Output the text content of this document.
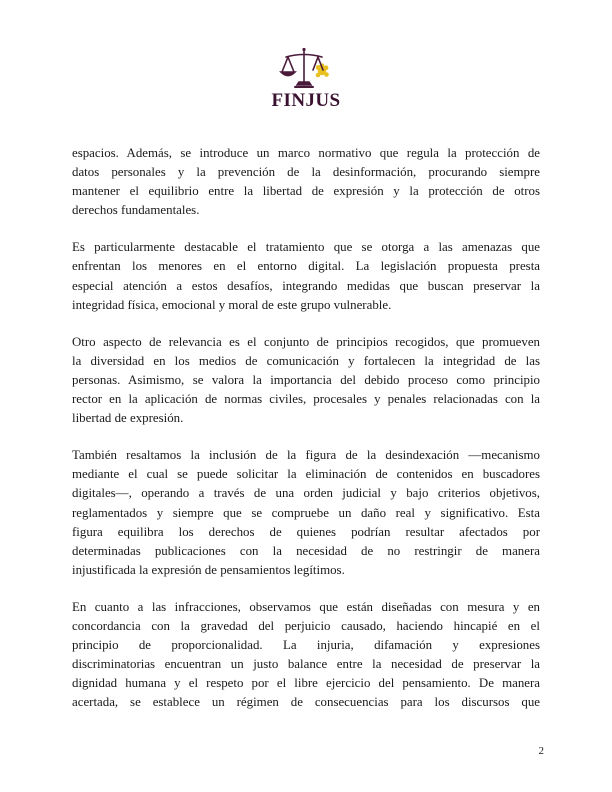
FINJUS

espacios. Además, se introduce un marco normativo que regula la protección de
datos personales y la prevención de la desinformación, procurando siempre
mantener el equilibrio entre la libertad de expresión y la protección de otros
derechos fundamentales.

Es particularmente destacable el tratamiento que se otorga a las amenazas que
enfrentan los menores en el entorno digital. La legislación propuesta presta
especial atención a estos desafíos, integrando medidas que buscan preservar la
integridad física, emocional y moral de este grupo vulnerable.

Otro aspecto de relevancia es el conjunto de principios recogidos, que promueven
la diversidad en los medios de comunicación y fortalecen la integridad de las
personas. Asimismo, se valora la importancia del debido proceso como principio
rector en la aplicación de normas civiles, procesales y penales relacionadas con la
libertad de expresión.

También resaltamos la inclusión de la figura de la desindexación —mecanismo
mediante el cual se puede solicitar la eliminación de contenidos en buscadores
digitales—, operando a través de una orden judicial y bajo criterios objetivos,
reglamentados y siempre que se compruebe un daño real y significativo. Esta
figura equilibra los derechos de quienes podrían resultar afectados por
determinadas publicaciones con la necesidad de no restringir de manera
injustificada la expresión de pensamientos legítimos.

En cuanto a las infracciones, observamos que están diseñadas con mesura y en
concordancia con la gravedad del perjuicio causado, haciendo hincapié en el
principio de proporcionalidad. La injuria, difamación y expresiones
discriminatorias encuentran un justo balance entre la necesidad de preservar la
dignidad humana y el respeto por el libre ejercicio del pensamiento. De manera
acertada, se establece un régimen de consecuencias para los discursos que

2
